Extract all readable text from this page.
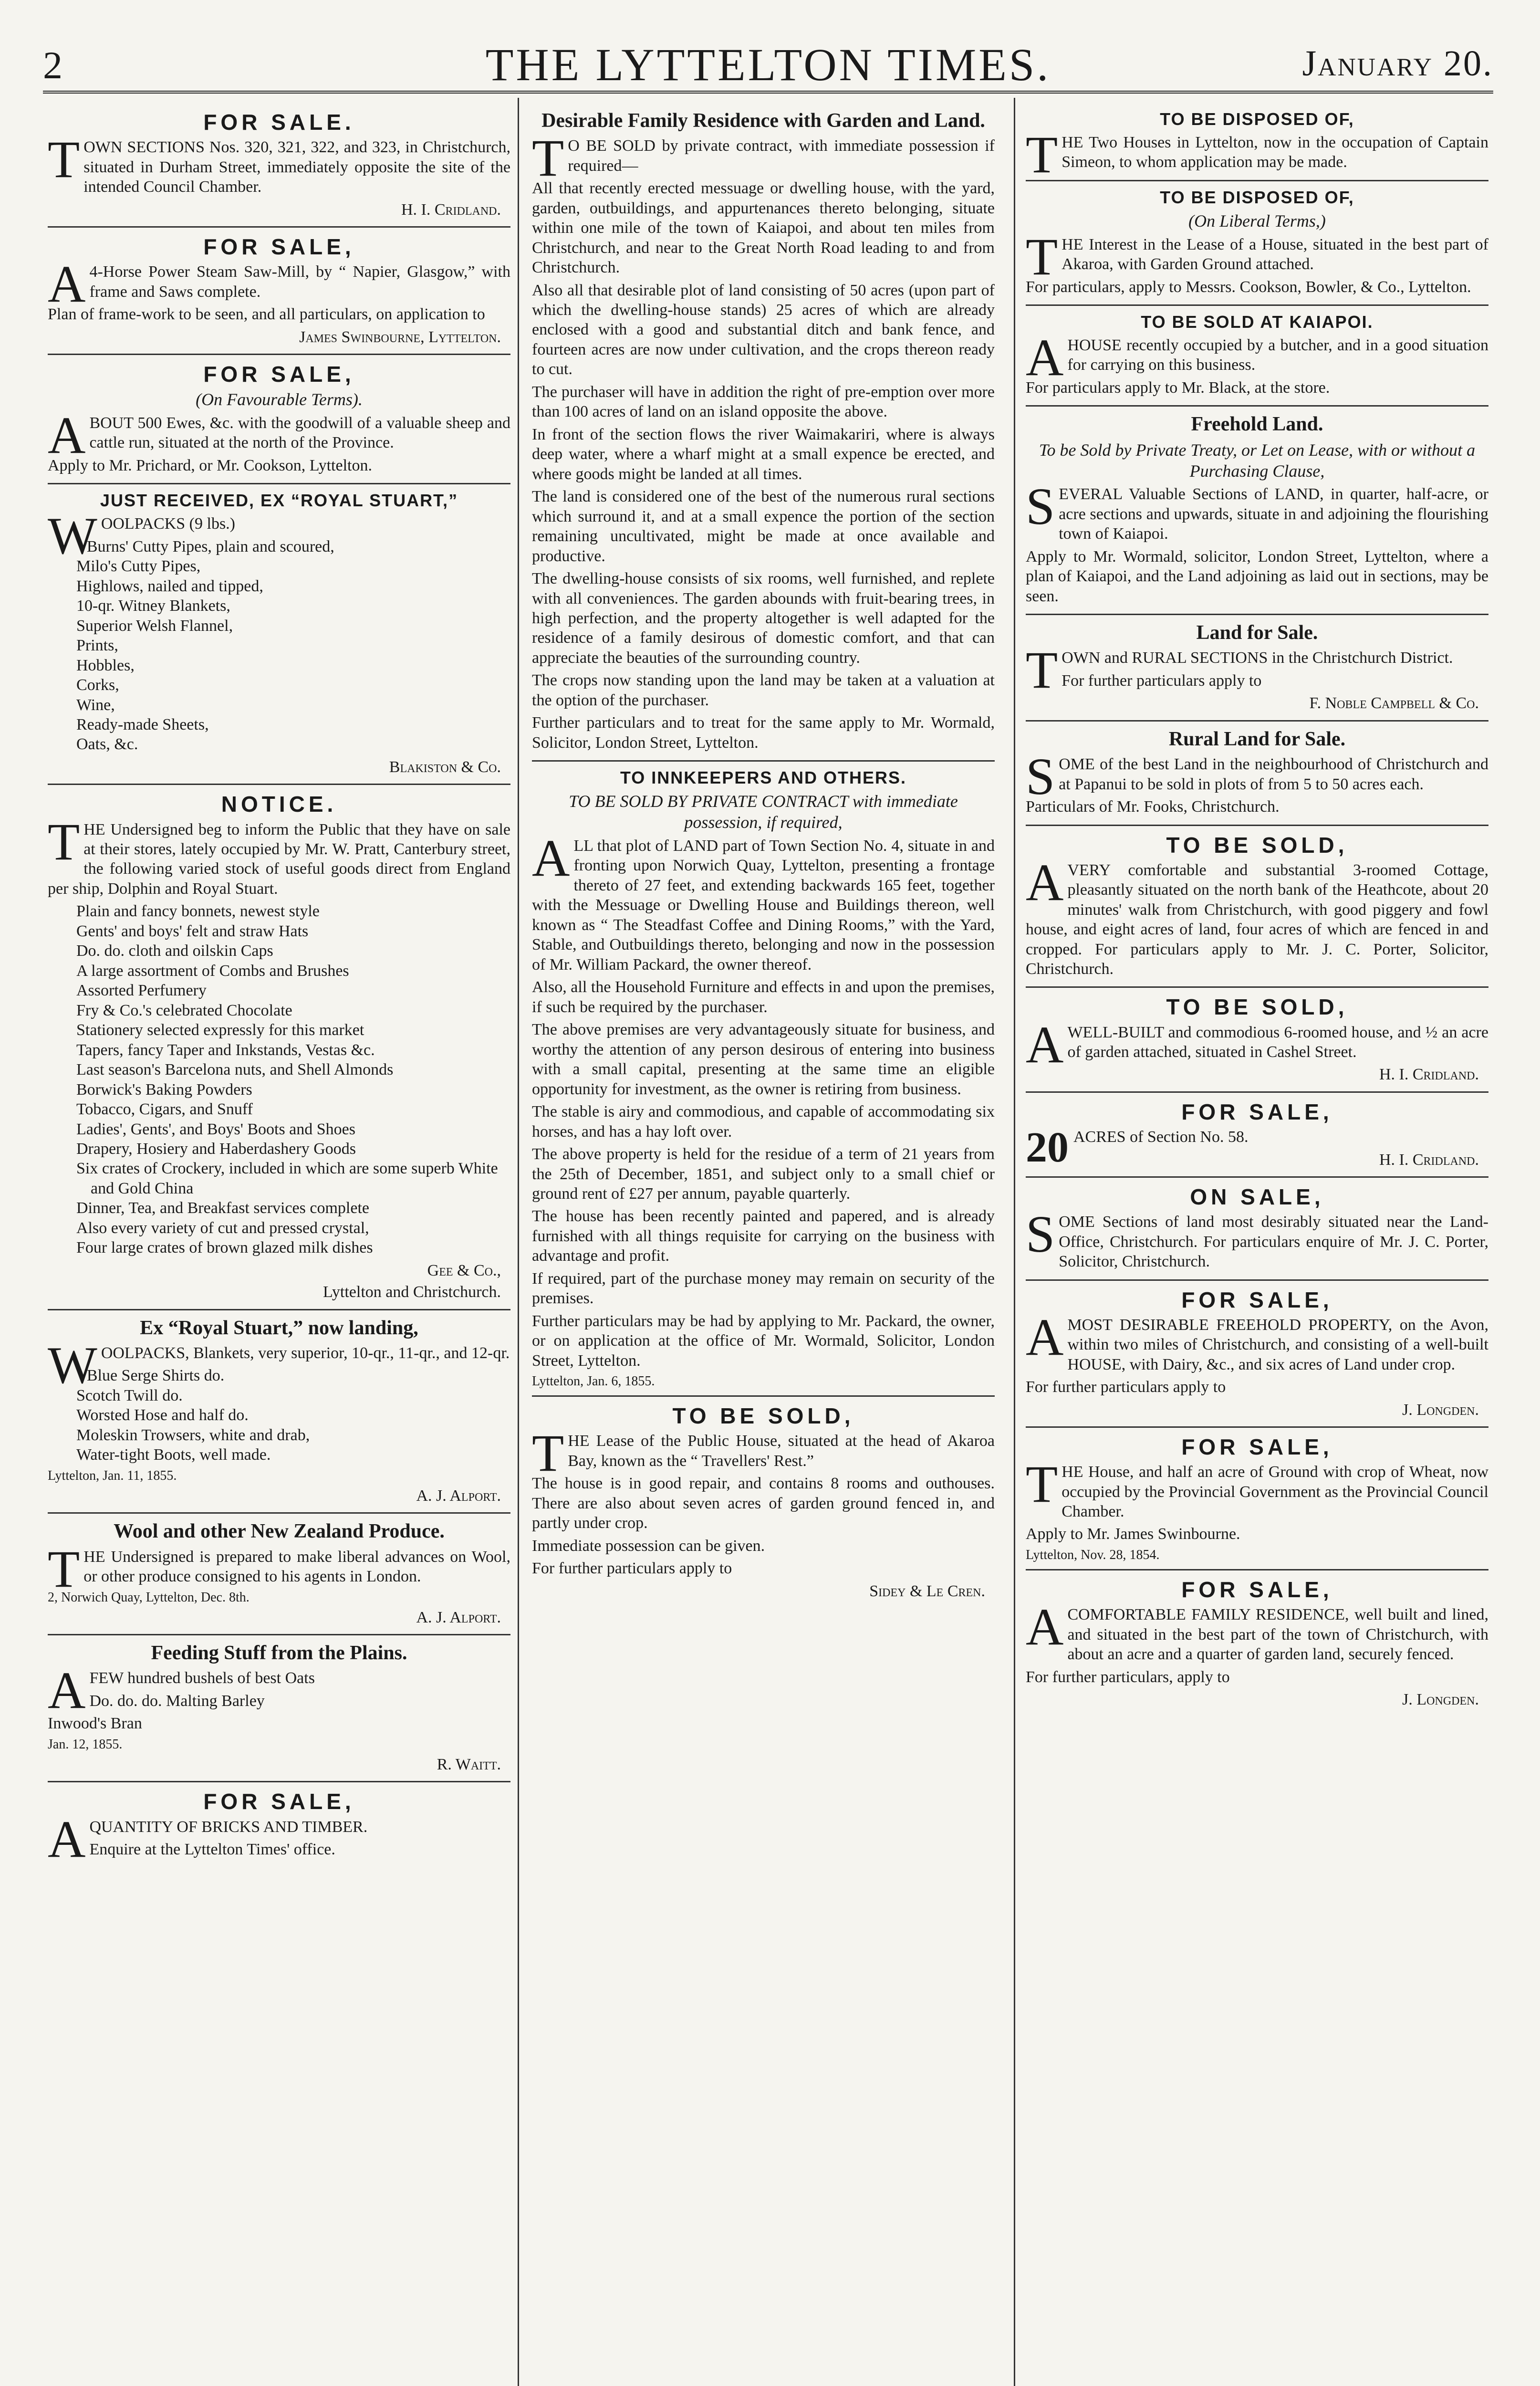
2	THE LYTTELTON TIMES.	January 20.
FOR SALE.

TOWN SECTIONS Nos. 320, 321, 322, and 323, in Christchurch, situated in Durham Street, immediately opposite the site of the intended Council Chamber.

H. I. Cridland.
FOR SALE,

A4-Horse Power Steam Saw-Mill, by “ Napier, Glasgow,” with frame and Saws complete.

Plan of frame-work to be seen, and all particulars, on application to

James Swinbourne, Lyttelton.
FOR SALE,
(On Favourable Terms).

ABOUT 500 Ewes, &c. with the goodwill of a valuable sheep and cattle run, situated at the north of the Province.

Apply to Mr. Prichard, or Mr. Cookson, Lyttelton.

JUST RECEIVED, EX “ROYAL STUART,”

WOOLPACKS (9 lbs.)

Burns' Cutty Pipes, plain and scoured,
Milo's Cutty Pipes,
Highlows, nailed and tipped,
10-qr. Witney Blankets,
Superior Welsh Flannel,
Prints,
Hobbles,
Corks,
Wine,
Ready-made Sheets,
Oats, &c.
Blakiston & Co.
NOTICE.

THE Undersigned beg to inform the Public that they have on sale at their stores, lately occupied by Mr. W. Pratt, Canterbury street, the following varied stock of useful goods direct from England per ship, Dolphin and Royal Stuart.

Plain and fancy bonnets, newest style
Gents' and boys' felt and straw Hats
Do. do. cloth and oilskin Caps
A large assortment of Combs and Brushes
Assorted Perfumery
Fry & Co.'s celebrated Chocolate
Stationery selected expressly for this market
Tapers, fancy Taper and Inkstands, Vestas &c.
Last season's Barcelona nuts, and Shell Almonds
Borwick's Baking Powders
Tobacco, Cigars, and Snuff
Ladies', Gents', and Boys' Boots and Shoes
Drapery, Hosiery and Haberdashery Goods
Six crates of Crockery, included in which are some superb White and Gold China
Dinner, Tea, and Breakfast services complete
Also every variety of cut and pressed crystal,
Four large crates of brown glazed milk dishes
Gee & Co.,
Lyttelton and Christchurch.
Ex “Royal Stuart,” now landing,

WOOLPACKS, Blankets, very superior, 10-qr., 11-qr., and 12-qr.

Blue Serge Shirts do.
Scotch Twill do.
Worsted Hose and half do.
Moleskin Trowsers, white and drab,
Water-tight Boots, well made.
Lyttelton, Jan. 11, 1855.
A. J. Alport.
Wool and other New Zealand Produce.

THE Undersigned is prepared to make liberal advances on Wool, or other produce consigned to his agents in London.

2, Norwich Quay, Lyttelton, Dec. 8th.
A. J. Alport.
Feeding Stuff from the Plains.

AFEW hundred bushels of best Oats

Do. do. do. Malting Barley

Inwood's Bran

Jan. 12, 1855.
R. Waitt.
FOR SALE,

AQUANTITY OF BRICKS AND TIMBER.

Enquire at the Lyttelton Times' office.

Desirable Family Residence with Garden and Land.

TO BE SOLD by private contract, with immediate possession if required—

All that recently erected messuage or dwelling house, with the yard, garden, outbuildings, and appurtenances thereto belonging, situate within one mile of the town of Kaiapoi, and about ten miles from Christchurch, and near to the Great North Road leading to and from Christchurch.

Also all that desirable plot of land consisting of 50 acres (upon part of which the dwelling-house stands) 25 acres of which are already enclosed with a good and substantial ditch and bank fence, and fourteen acres are now under cultivation, and the crops thereon ready to cut.

The purchaser will have in addition the right of pre-emption over more than 100 acres of land on an island opposite the above.

In front of the section flows the river Waimakariri, where is always deep water, where a wharf might at a small expence be erected, and where goods might be landed at all times.

The land is considered one of the best of the numerous rural sections which surround it, and at a small expence the portion of the section remaining uncultivated, might be made at once available and productive.

The dwelling-house consists of six rooms, well furnished, and replete with all conveniences. The garden abounds with fruit-bearing trees, in high perfection, and the property altogether is well adapted for the residence of a family desirous of domestic comfort, and that can appreciate the beauties of the surrounding country.

The crops now standing upon the land may be taken at a valuation at the option of the purchaser.

Further particulars and to treat for the same apply to Mr. Wormald, Solicitor, London Street, Lyttelton.

TO INNKEEPERS AND OTHERS.
TO BE SOLD BY PRIVATE CONTRACT with immediate possession, if required,

ALL that plot of LAND part of Town Section No. 4, situate in and fronting upon Norwich Quay, Lyttelton, presenting a frontage thereto of 27 feet, and extending backwards 165 feet, together with the Messuage or Dwelling House and Buildings thereon, well known as “ The Steadfast Coffee and Dining Rooms,” with the Yard, Stable, and Outbuildings thereto, belonging and now in the possession of Mr. William Packard, the owner thereof.

Also, all the Household Furniture and effects in and upon the premises, if such be required by the purchaser.

The above premises are very advantageously situate for business, and worthy the attention of any person desirous of entering into business with a small capital, presenting at the same time an eligible opportunity for investment, as the owner is retiring from business.

The stable is airy and commodious, and capable of accommodating six horses, and has a hay loft over.

The above property is held for the residue of a term of 21 years from the 25th of December, 1851, and subject only to a small chief or ground rent of £27 per annum, payable quarterly.

The house has been recently painted and papered, and is already furnished with all things requisite for carrying on the business with advantage and profit.

If required, part of the purchase money may remain on security of the premises.

Further particulars may be had by applying to Mr. Packard, the owner, or on application at the office of Mr. Wormald, Solicitor, London Street, Lyttelton.

Lyttelton, Jan. 6, 1855.
TO BE SOLD,

THE Lease of the Public House, situated at the head of Akaroa Bay, known as the “ Travellers' Rest.”

The house is in good repair, and contains 8 rooms and outhouses. There are also about seven acres of garden ground fenced in, and partly under crop.

Immediate possession can be given.

For further particulars apply to

Sidey & Le Cren.
TO BE DISPOSED OF,

THE Two Houses in Lyttelton, now in the occupation of Captain Simeon, to whom application may be made.

TO BE DISPOSED OF,
(On Liberal Terms,)

THE Interest in the Lease of a House, situated in the best part of Akaroa, with Garden Ground attached.

For particulars, apply to Messrs. Cookson, Bowler, & Co., Lyttelton.

TO BE SOLD AT KAIAPOI.

AHOUSE recently occupied by a butcher, and in a good situation for carrying on this business.

For particulars apply to Mr. Black, at the store.

Freehold Land.
To be Sold by Private Treaty, or Let on Lease, with or without a Purchasing Clause,

SEVERAL Valuable Sections of LAND, in quarter, half-acre, or acre sections and upwards, situate in and adjoining the flourishing town of Kaiapoi.

Apply to Mr. Wormald, solicitor, London Street, Lyttelton, where a plan of Kaiapoi, and the Land adjoining as laid out in sections, may be seen.

Land for Sale.

TOWN and RURAL SECTIONS in the Christchurch District.

For further particulars apply to

F. Noble Campbell & Co.
Rural Land for Sale.

SOME of the best Land in the neighbourhood of Christchurch and at Papanui to be sold in plots of from 5 to 50 acres each.

Particulars of Mr. Fooks, Christchurch.

TO BE SOLD,

AVERY comfortable and substantial 3-roomed Cottage, pleasantly situated on the north bank of the Heathcote, about 20 minutes' walk from Christchurch, with good piggery and fowl house, and eight acres of land, four acres of which are fenced in and cropped. For particulars apply to Mr. J. C. Porter, Solicitor, Christchurch.

TO BE SOLD,

AWELL-BUILT and commodious 6-roomed house, and ½ an acre of garden attached, situated in Cashel Street.

H. I. Cridland.
FOR SALE,
20 ACRES of Section No. 58.

H. I. Cridland.
ON SALE,

SOME Sections of land most desirably situated near the Land-Office, Christchurch. For particulars enquire of Mr. J. C. Porter, Solicitor, Christchurch.

FOR SALE,

AMOST DESIRABLE FREEHOLD PROPERTY, on the Avon, within two miles of Christchurch, and consisting of a well-built HOUSE, with Dairy, &c., and six acres of Land under crop.

For further particulars apply to

J. Longden.
FOR SALE,

THE House, and half an acre of Ground with crop of Wheat, now occupied by the Provincial Government as the Provincial Council Chamber.

Apply to Mr. James Swinbourne.

Lyttelton, Nov. 28, 1854.
FOR SALE,

ACOMFORTABLE FAMILY RESIDENCE, well built and lined, and situated in the best part of the town of Christchurch, with about an acre and a quarter of garden land, securely fenced.

For further particulars, apply to

J. Longden.
